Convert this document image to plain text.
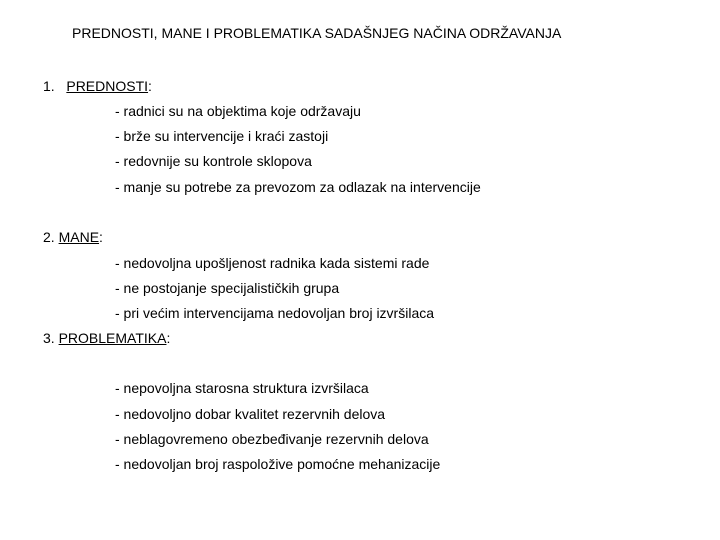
PREDNOSTI, MANE I PROBLEMATIKA SADAŠNJEG NAČINA ODRŽAVANJA
1. PREDNOSTI:
- radnici su na objektima koje održavaju
- brže su intervencije i kraći zastoji
- redovnije su kontrole sklopova
- manje su potrebe za prevozom za odlazak na intervencije
2. MANE:
- nedovoljna upošljenost radnika kada sistemi rade
- ne postojanje specijalističkih grupa
- pri većim intervencijama nedovoljan broj izvršilaca
3. PROBLEMATIKA:
- nepovoljna starosna struktura izvršilaca
- nedovoljno dobar kvalitet rezervnih delova
- neblagovremeno obezbeđivanje rezervnih delova
- nedovoljan broj raspoložive pomoćne mehanizacije
